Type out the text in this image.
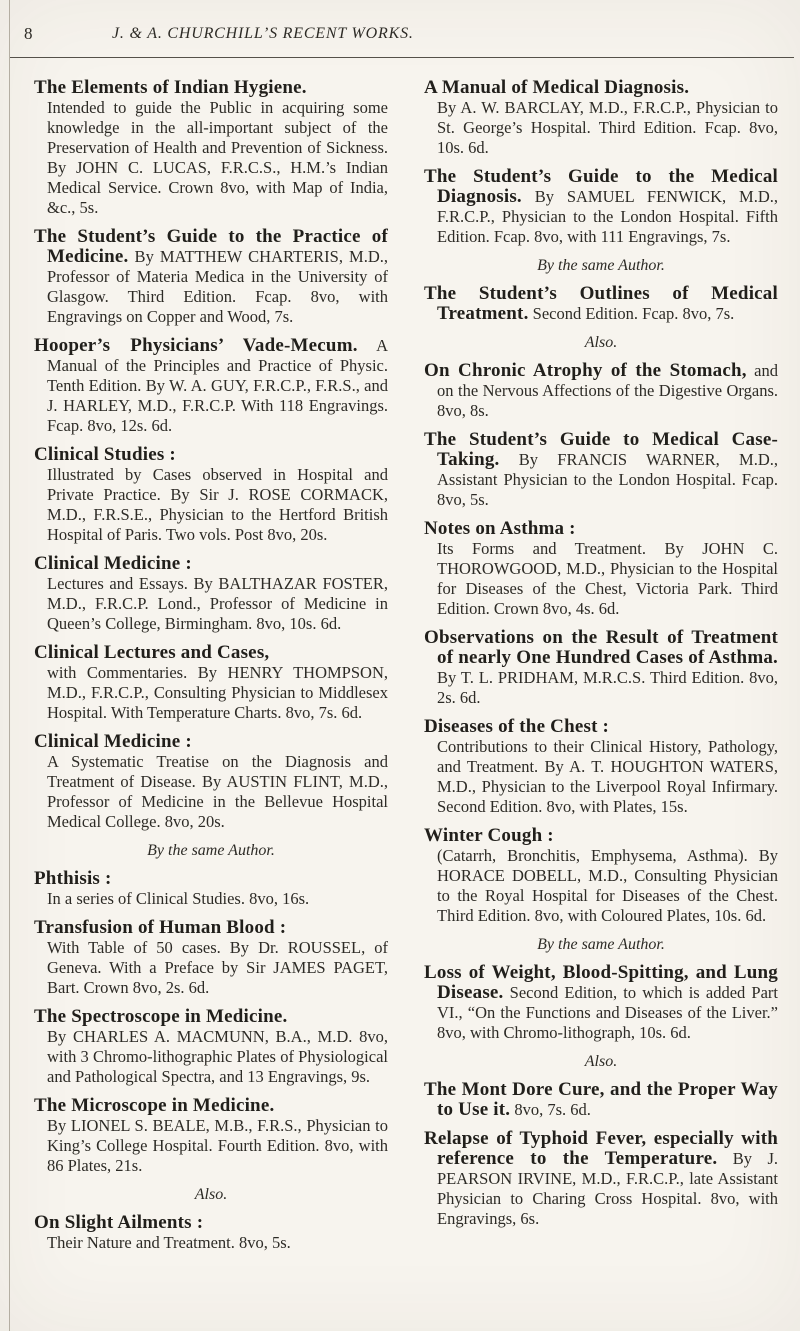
8	J. & A. CHURCHILL’S RECENT WORKS.

The Elements of Indian Hygiene.
Intended to guide the Public in acquiring some knowledge in the all-important subject of the Preservation of Health and Prevention of Sickness. By JOHN C. LUCAS, F.R.C.S., H.M.’s Indian Medical Service. Crown 8vo, with Map of India, &c., 5s.

The Student’s Guide to the Practice of Medicine. By MATTHEW CHARTERIS, M.D., Professor of Materia Medica in the University of Glasgow. Third Edition. Fcap. 8vo, with Engravings on Copper and Wood, 7s.

Hooper’s Physicians’ Vade-Mecum. A Manual of the Principles and Practice of Physic. Tenth Edition. By W. A. GUY, F.R.C.P., F.R.S., and J. HARLEY, M.D., F.R.C.P. With 118 Engravings. Fcap. 8vo, 12s. 6d.

Clinical Studies :
Illustrated by Cases observed in Hospital and Private Practice. By Sir J. ROSE CORMACK, M.D., F.R.S.E., Physician to the Hertford British Hospital of Paris. Two vols. Post 8vo, 20s.

Clinical Medicine :
Lectures and Essays. By BALTHAZAR FOSTER, M.D., F.R.C.P. Lond., Professor of Medicine in Queen’s College, Birmingham. 8vo, 10s. 6d.

Clinical Lectures and Cases,
with Commentaries. By HENRY THOMPSON, M.D., F.R.C.P., Consulting Physician to Middlesex Hospital. With Temperature Charts. 8vo, 7s. 6d.

Clinical Medicine :
A Systematic Treatise on the Diagnosis and Treatment of Disease. By AUSTIN FLINT, M.D., Professor of Medicine in the Bellevue Hospital Medical College. 8vo, 20s.

By the same Author.

Phthisis :
In a series of Clinical Studies. 8vo, 16s.

Transfusion of Human Blood :
With Table of 50 cases. By Dr. ROUSSEL, of Geneva. With a Preface by Sir JAMES PAGET, Bart. Crown 8vo, 2s. 6d.

The Spectroscope in Medicine.
By CHARLES A. MACMUNN, B.A., M.D. 8vo, with 3 Chromo-lithographic Plates of Physiological and Pathological Spectra, and 13 Engravings, 9s.

The Microscope in Medicine.
By LIONEL S. BEALE, M.B., F.R.S., Physician to King’s College Hospital. Fourth Edition. 8vo, with 86 Plates, 21s.

Also.

On Slight Ailments :
Their Nature and Treatment. 8vo, 5s.

A Manual of Medical Diagnosis.
By A. W. BARCLAY, M.D., F.R.C.P., Physician to St. George’s Hospital. Third Edition. Fcap. 8vo, 10s. 6d.

The Student’s Guide to the Medical Diagnosis. By SAMUEL FENWICK, M.D., F.R.C.P., Physician to the London Hospital. Fifth Edition. Fcap. 8vo, with 111 Engravings, 7s.

By the same Author.

The Student’s Outlines of Medical Treatment. Second Edition. Fcap. 8vo, 7s.

Also.

On Chronic Atrophy of the Stomach, and on the Nervous Affections of the Digestive Organs. 8vo, 8s.

The Student’s Guide to Medical Case-Taking. By FRANCIS WARNER, M.D., Assistant Physician to the London Hospital. Fcap. 8vo, 5s.

Notes on Asthma :
Its Forms and Treatment. By JOHN C. THOROWGOOD, M.D., Physician to the Hospital for Diseases of the Chest, Victoria Park. Third Edition. Crown 8vo, 4s. 6d.

Observations on the Result of Treatment of nearly One Hundred Cases of Asthma. By T. L. PRIDHAM, M.R.C.S. Third Edition. 8vo, 2s. 6d.

Diseases of the Chest :
Contributions to their Clinical History, Pathology, and Treatment. By A. T. HOUGHTON WATERS, M.D., Physician to the Liverpool Royal Infirmary. Second Edition. 8vo, with Plates, 15s.

Winter Cough :
(Catarrh, Bronchitis, Emphysema, Asthma). By HORACE DOBELL, M.D., Consulting Physician to the Royal Hospital for Diseases of the Chest. Third Edition. 8vo, with Coloured Plates, 10s. 6d.

By the same Author.

Loss of Weight, Blood-Spitting, and Lung Disease. Second Edition, to which is added Part VI., “On the Functions and Diseases of the Liver.” 8vo, with Chromo-lithograph, 10s. 6d.

Also.

The Mont Dore Cure, and the Proper Way to Use it. 8vo, 7s. 6d.

Relapse of Typhoid Fever, especially with reference to the Temperature. By J. PEARSON IRVINE, M.D., F.R.C.P., late Assistant Physician to Charing Cross Hospital. 8vo, with Engravings, 6s.
